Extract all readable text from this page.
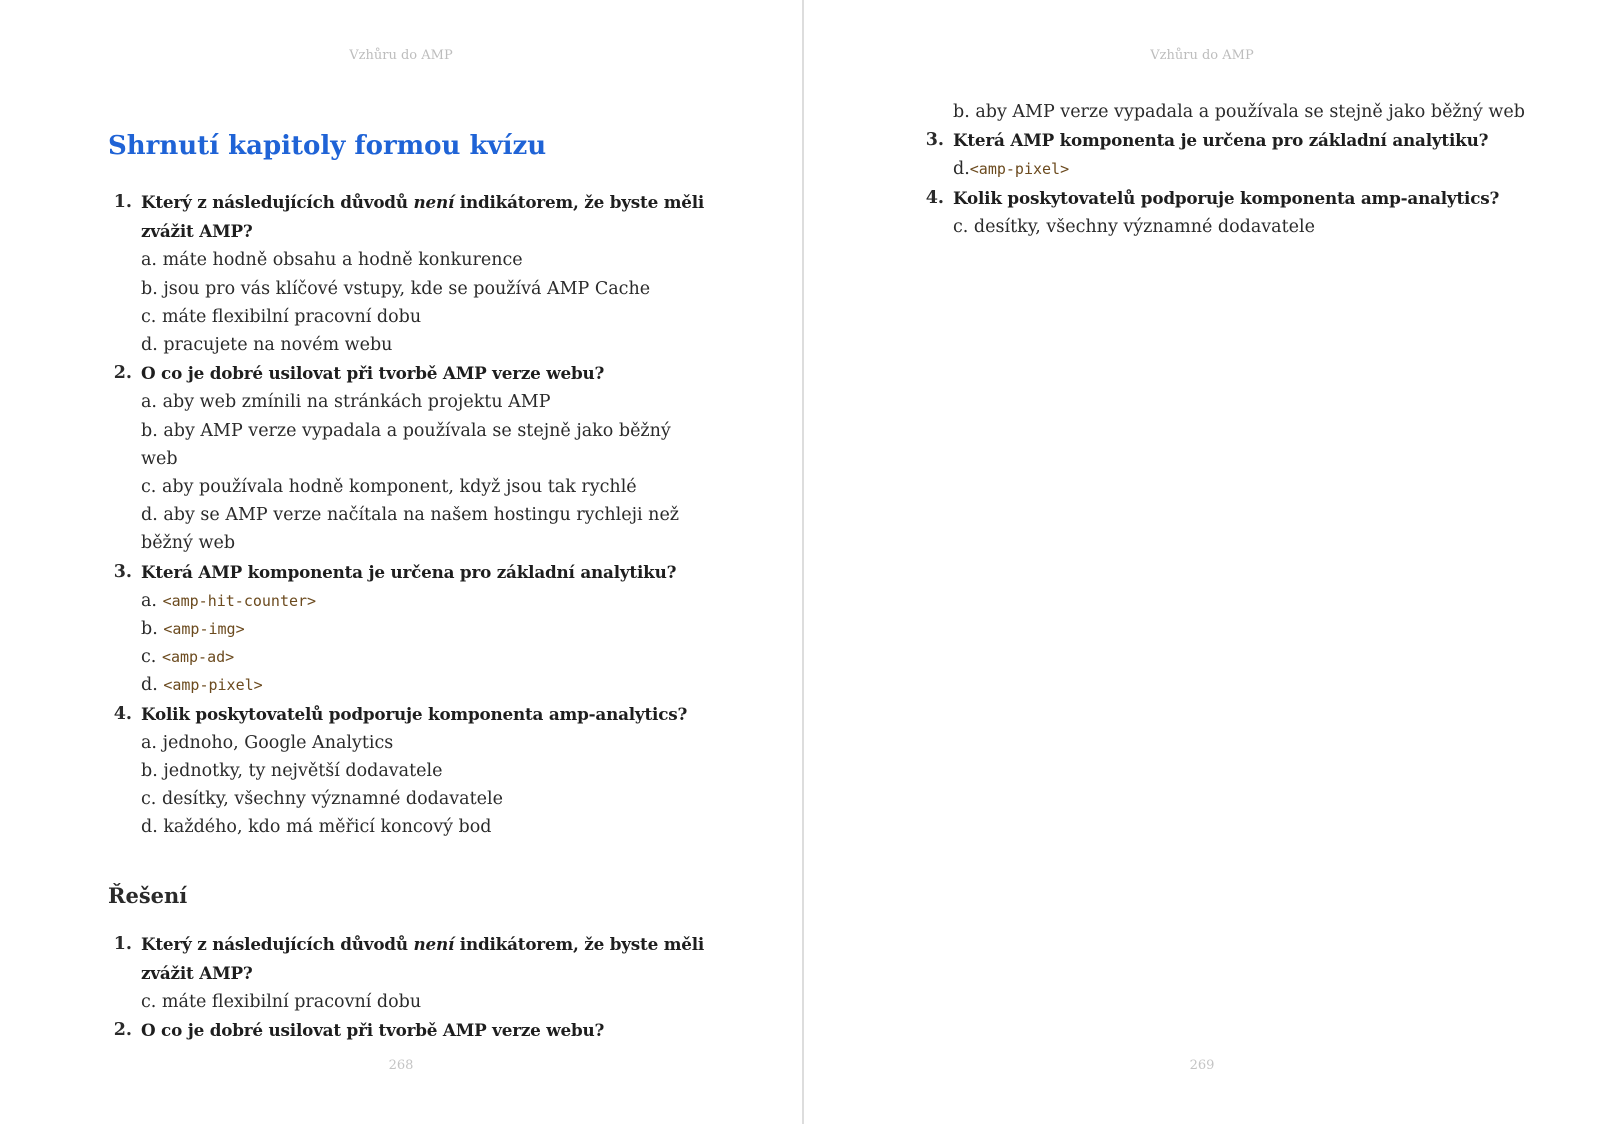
Vzhůru do AMP
Shrnutí kapitoly formou kvízu
1. Který z následujících důvodů není indikátorem, že byste měli zvážit AMP?
a. máte hodně obsahu a hodně konkurence
b. jsou pro vás klíčové vstupy, kde se používá AMP Cache
c. máte flexibilní pracovní dobu
d. pracujete na novém webu
2. O co je dobré usilovat při tvorbě AMP verze webu?
a. aby web zmínili na stránkách projektu AMP
b. aby AMP verze vypadala a používala se stejně jako běžný web
c. aby používala hodně komponent, když jsou tak rychlé
d. aby se AMP verze načítala na našem hostingu rychleji než běžný web
3. Která AMP komponenta je určena pro základní analytiku?
a. <amp-hit-counter>
b. <amp-img>
c. <amp-ad>
d. <amp-pixel>
4. Kolik poskytovatelů podporuje komponenta amp-analytics?
a. jednoho, Google Analytics
b. jednotky, ty největší dodavatele
c. desítky, všechny významné dodavatele
d. každého, kdo má měřicí koncový bod
Řešení
1. Který z následujících důvodů není indikátorem, že byste měli zvážit AMP?
c. máte flexibilní pracovní dobu
2. O co je dobré usilovat při tvorbě AMP verze webu?
268
Vzhůru do AMP
b. aby AMP verze vypadala a používala se stejně jako běžný web
3. Která AMP komponenta je určena pro základní analytiku?
d.<amp-pixel>
4. Kolik poskytovatelů podporuje komponenta amp-analytics?
c. desítky, všechny významné dodavatele
269
